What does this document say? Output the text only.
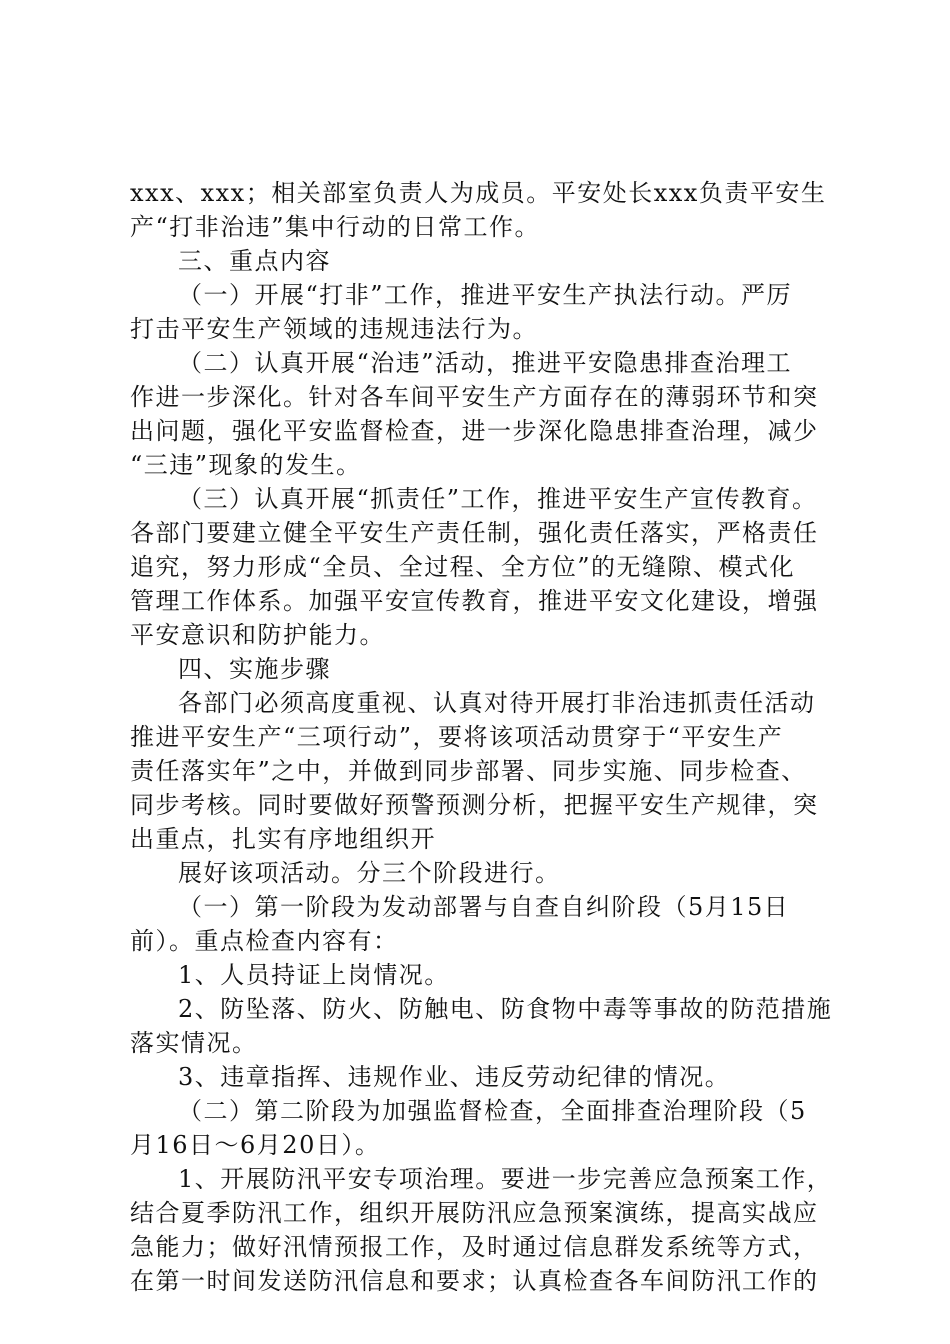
xxx、xxx；相关部室负责人为成员。平安处长xxx负责平安生
产“打非治违”集中行动的日常工作。
三、重点内容
（一）开展“打非”工作，推进平安生产执法行动。严厉
打击平安生产领域的违规违法行为。
（二）认真开展“治违”活动，推进平安隐患排查治理工
作进一步深化。针对各车间平安生产方面存在的薄弱环节和突
出问题，强化平安监督检查，进一步深化隐患排查治理，减少
“三违”现象的发生。
（三）认真开展“抓责任”工作，推进平安生产宣传教育。
各部门要建立健全平安生产责任制，强化责任落实，严格责任
追究，努力形成“全员、全过程、全方位”的无缝隙、模式化
管理工作体系。加强平安宣传教育，推进平安文化建设，增强
平安意识和防护能力。
四、实施步骤
各部门必须高度重视、认真对待开展打非治违抓责任活动
推进平安生产“三项行动”，要将该项活动贯穿于“平安生产
责任落实年”之中，并做到同步部署、同步实施、同步检查、
同步考核。同时要做好预警预测分析，把握平安生产规律，突
出重点，扎实有序地组织开
展好该项活动。分三个阶段进行。
（一）第一阶段为发动部署与自查自纠阶段（5月15日
前）。重点检查内容有：
1、人员持证上岗情况。
2、防坠落、防火、防触电、防食物中毒等事故的防范措施
落实情况。
3、违章指挥、违规作业、违反劳动纪律的情况。
（二）第二阶段为加强监督检查，全面排查治理阶段（5
月16日～6月20日）。
1、开展防汛平安专项治理。要进一步完善应急预案工作，
结合夏季防汛工作，组织开展防汛应急预案演练，提高实战应
急能力；做好汛情预报工作，及时通过信息群发系统等方式，
在第一时间发送防汛信息和要求；认真检查各车间防汛工作的
